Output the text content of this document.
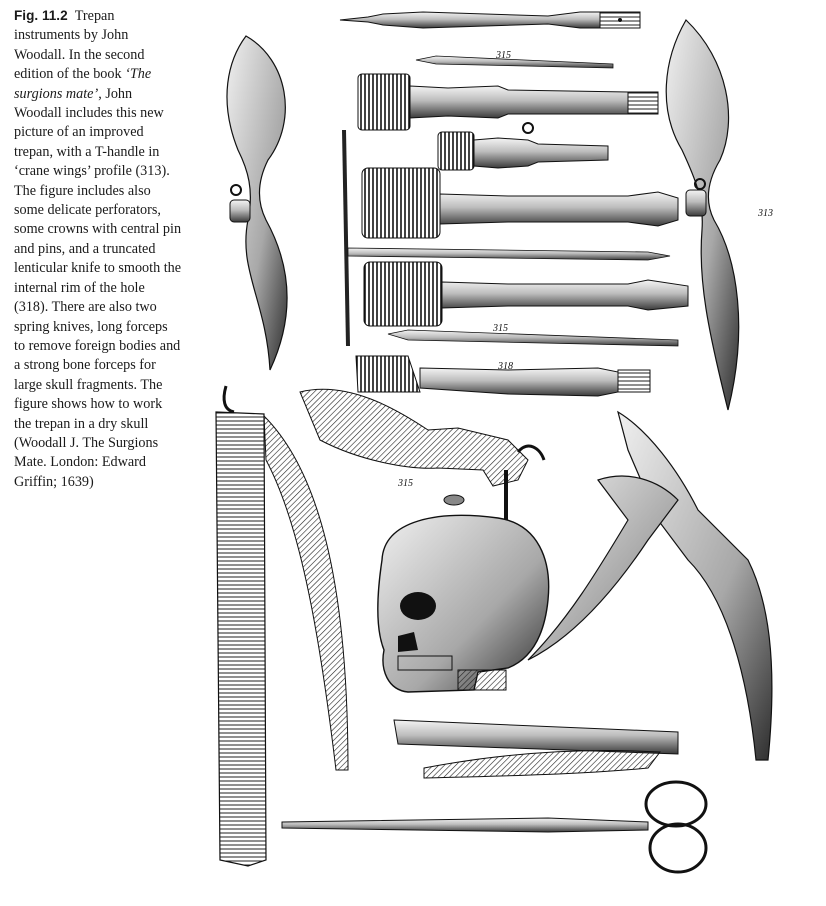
Fig. 11.2 Trepan instruments by John Woodall. In the second edition of the book ‘The surgions mate’, John Woodall includes this new picture of an improved trepan, with a T-handle in ‘crane wings’ profile (313). The figure includes also some delicate perforators, some crowns with central pin and pins, and a truncated lenticular knife to smooth the internal rim of the hole (318). There are also two spring knives, long forceps to remove foreign bodies and a strong bone forceps for large skull fragments. The figure shows how to work the trepan in a dry skull (Woodall J. The Surgions Mate. London: Edward Griffin; 1639)
315
315
318
313
315
